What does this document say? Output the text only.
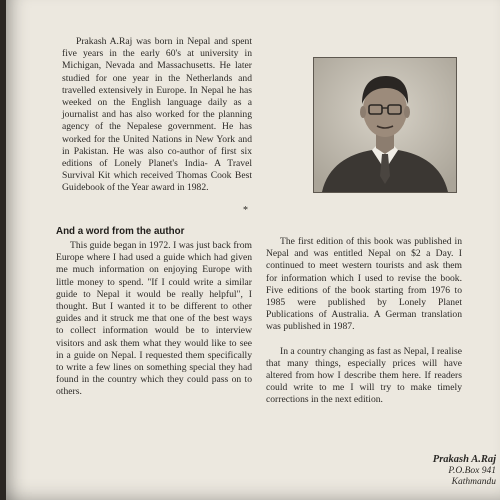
Prakash A.Raj was born in Nepal and spent five years in the early 60's at university in Michigan, Nevada and Massachusetts. He later studied for one year in the Netherlands and travelled extensively in Europe. In Nepal he has weeked on the English language daily as a journalist and has also worked for the planning agency of the Nepalese government. He has worked for the United Nations in New York and in Pakistan. He was also co-author of first six editions of Lonely Planet's India- A Travel Survival Kit which received Thomas Cook Best Guidebook of the Year award in 1982.
*
And a word from the author
This guide began in 1972. I was just back from Europe where I had used a guide which had given me much information on enjoying Europe with little money to spend. "If I could write a similar guide to Nepal it would be really helpful", I thought. But I wanted it to be different to other guides and it struck me that one of the best ways to collect information would be to interview visitors and ask them what they would like to see in a guide on Nepal. I requested them specifically to write a few lines on something special they had found in the country which they could pass on to others.

The first edition of this book was published in Nepal and was entitled Nepal on $2 a Day. I continued to meet western tourists and ask them for information which I used to revise the book. Five editions of the book starting from 1976 to 1985 were published by Lonely Planet Publications of Australia. A German translation was published in 1987.

In a country changing as fast as Nepal, I realise that many things, especially prices will have altered from how I describe them here. If readers could write to me I will try to make timely corrections in the next edition.

Prakash A.Raj
P.O.Box 941
Kathmandu
